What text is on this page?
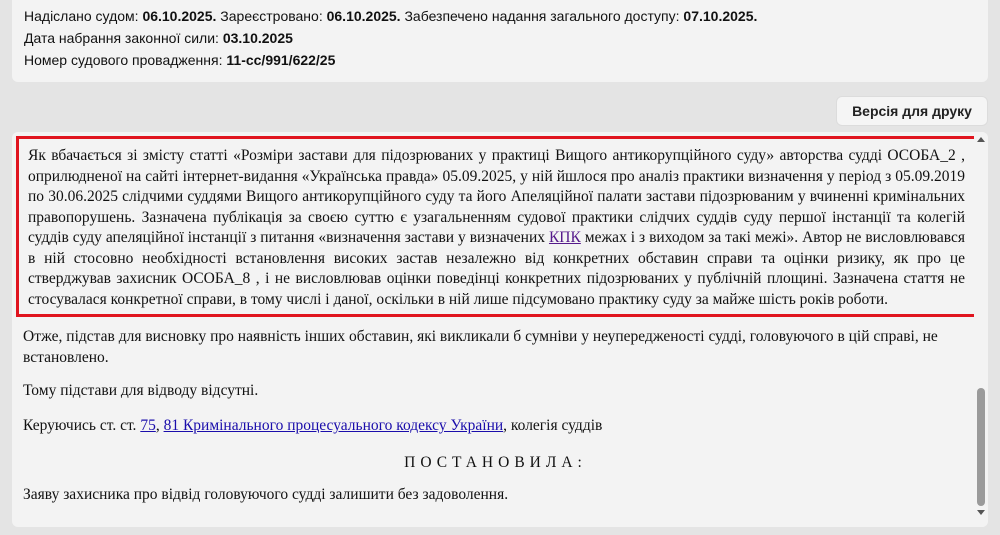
Надіслано судом: 06.10.2025. Зареєстровано: 06.10.2025. Забезпечено надання загального доступу: 07.10.2025.
Дата набрання законної сили: 03.10.2025
Номер судового провадження: 11-сс/991/622/25
Версія для друку
Як вбачається зі змісту статті «Розміри застави для підозрюваних у практиці Вищого антикорупційного суду» авторства судді ОСОБА_2 , оприлюдненої на сайті інтернет-видання «Українська правда» 05.09.2025, у ній йшлося про аналіз практики визначення у період з 05.09.2019 по 30.06.2025 слідчими суддями Вищого антикорупційного суду та його Апеляційної палати застави підозрюваним у вчиненні кримінальних правопорушень. Зазначена публікація за своєю суттю є узагальненням судової практики слідчих суддів суду першої інстанції та колегій суддів суду апеляційної інстанції з питання «визначення застави у визначених КПК межах і з виходом за такі межі». Автор не висловлювався в ній стосовно необхідності встановлення високих застав незалежно від конкретних обставин справи та оцінки ризику, як про це стверджував захисник ОСОБА_8 , і не висловлював оцінки поведінці конкретних підозрюваних у публічній площині. Зазначена стаття не стосувалася конкретної справи, в тому числі і даної, оскільки в ній лише підсумовано практику суду за майже шість років роботи.
Отже, підстав для висновку про наявність інших обставин, які викликали б сумніви у неупередженості судді, головуючого в цій справі, не встановлено.
Тому підстави для відводу відсутні.
Керуючись ст. ст. 75, 81 Кримінального процесуального кодексу України, колегія суддів
ПОСТАНОВИЛА:
Заяву захисника про відвід головуючого судді залишити без задоволення.
